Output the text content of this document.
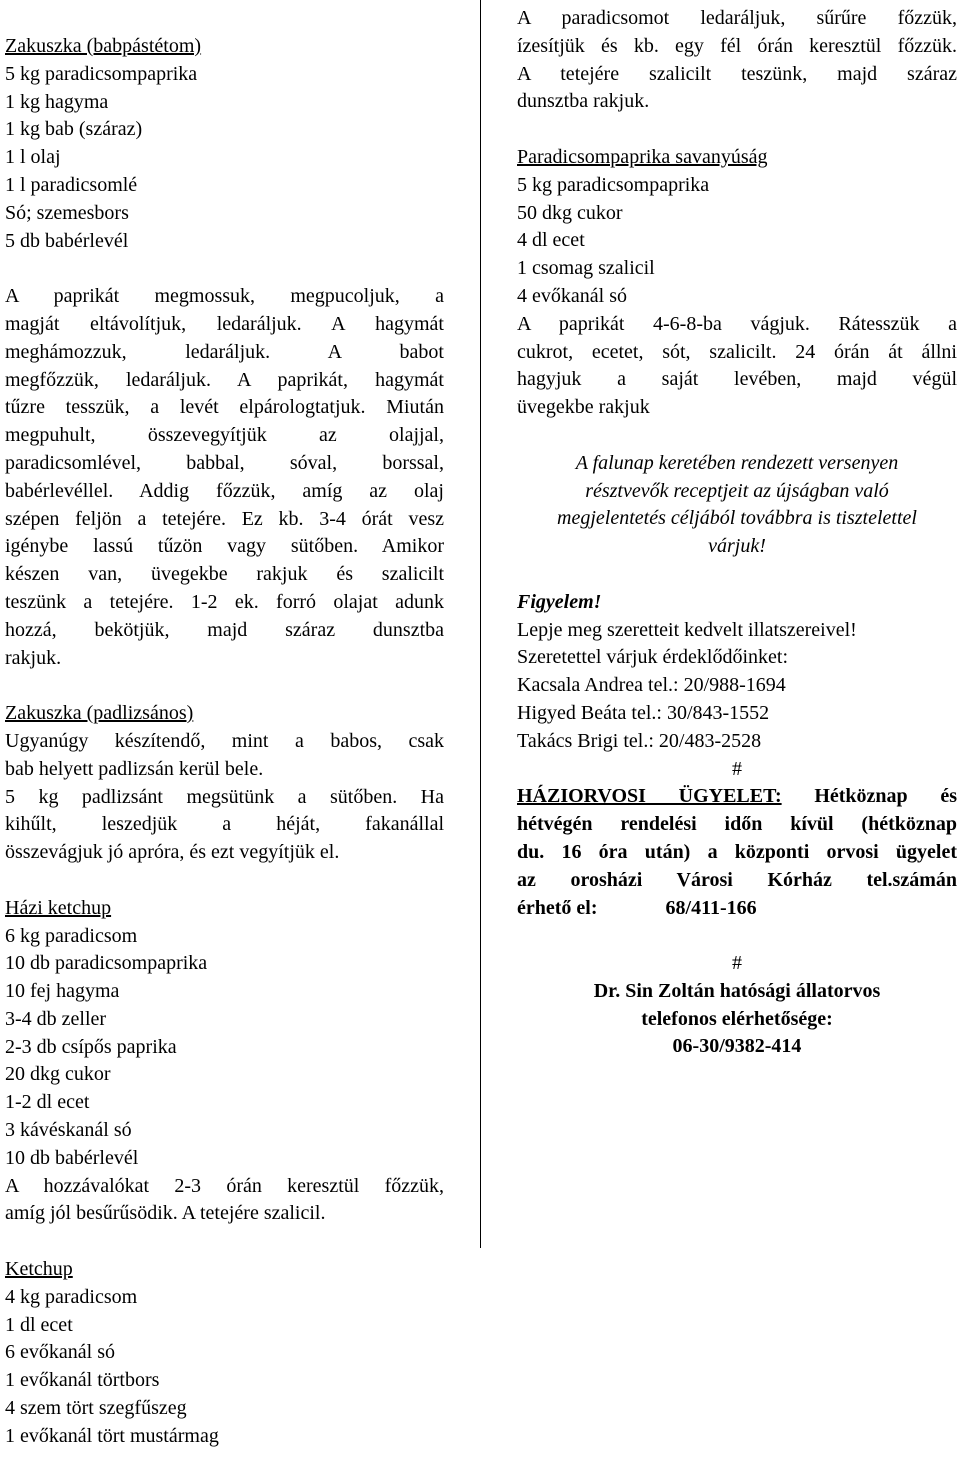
Zakuszka (babpástétom)
5 kg paradicsompaprika
1 kg hagyma
1 kg bab (száraz)
1 l olaj
1 l paradicsomlé
Só; szemesbors
5 db babérlevél
A paprikát megmossuk, megpucoljuk, a
magját eltávolítjuk, ledaráljuk. A hagymát
meghámozzuk, ledaráljuk. A babot
megfőzzük, ledaráljuk. A paprikát, hagymát
tűzre tesszük, a levét elpárologtatjuk. Miután
megpuhult, összevegyítjük az olajjal,
paradicsomlével, babbal, sóval, borssal,
babérlevéllel. Addig főzzük, amíg az olaj
szépen feljön a tetejére. Ez kb. 3-4 órát vesz
igénybe lassú tűzön vagy sütőben. Amikor
készen van, üvegekbe rakjuk és szalicilt
teszünk a tetejére. 1-2 ek. forró olajat adunk
hozzá, bekötjük, majd száraz dunsztba
rakjuk.
Zakuszka (padlizsános)
Ugyanúgy készítendő, mint a babos, csak
bab helyett padlizsán kerül bele.
5 kg padlizsánt megsütünk a sütőben. Ha
kihűlt, leszedjük a héját, fakanállal
összevágjuk jó apróra, és ezt vegyítjük el.
Házi ketchup
6 kg paradicsom
10 db paradicsompaprika
10 fej hagyma
3-4 db zeller
2-3 db csípős paprika
20 dkg cukor
1-2 dl ecet
3 kávéskanál só
10 db babérlevél
A hozzávalókat 2-3 órán keresztül főzzük,
amíg jól besűrűsödik. A tetejére szalicil.
Ketchup
4 kg paradicsom
1 dl ecet
6 evőkanál só
1 evőkanál törtbors
4 szem tört szegfűszeg
1 evőkanál tört mustármag
A paradicsomot ledaráljuk, sűrűre főzzük,
ízesítjük és kb. egy fél órán keresztül főzzük.
A tetejére szalicilt teszünk, majd száraz
dunsztba rakjuk.
Paradicsompaprika savanyúság
5 kg paradicsompaprika
50 dkg cukor
4 dl ecet
1 csomag szalicil
4 evőkanál só
A paprikát 4-6-8-ba vágjuk. Rátesszük a
cukrot, ecetet, sót, szalicilt. 24 órán át állni
hagyjuk a saját levében, majd végül
üvegekbe rakjuk
A falunap keretében rendezett versenyen
résztvevők receptjeit az újságban való
megjelentetés céljából továbbra is tisztelettel
várjuk!
Figyelem!
Lepje meg szeretteit kedvelt illatszereivel!
Szeretettel várjuk érdeklődőinket:
Kacsala Andrea tel.: 20/988-1694
Higyed Beáta tel.: 30/843-1552
Takács Brigi tel.: 20/483-2528
#
HÁZIORVOSI ÜGYELET: Hétköznap és
hétvégén rendelési időn kívül (hétköznap
du. 16 óra után) a központi orvosi ügyelet
az orosházi Városi Kórház tel.számán
érhető el:	68/411-166
#
Dr. Sin Zoltán hatósági állatorvos
telefonos elérhetősége:
06-30/9382-414
